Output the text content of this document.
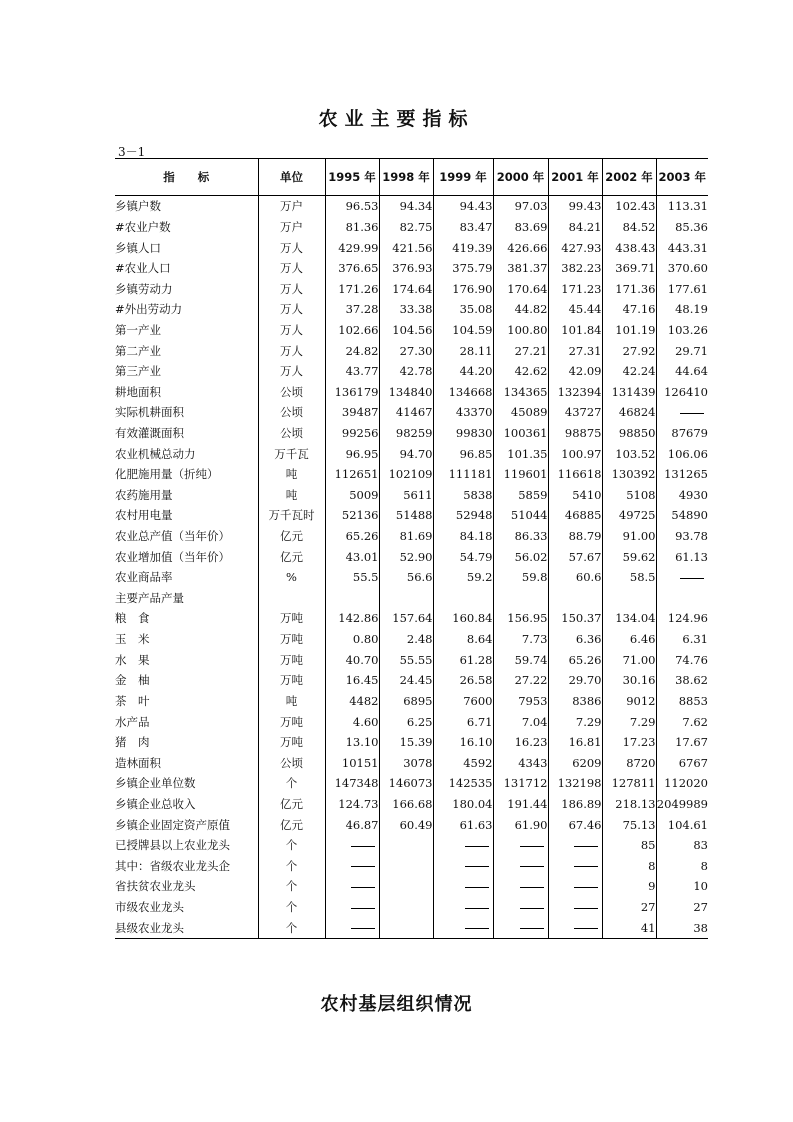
农业主要指标
3－1
指　　标	单位	1995 年	1998 年	1999 年	2000 年	2001 年	2002 年	2003 年
乡镇户数	万户	96.53	94.34	94.43	97.03	99.43	102.43	113.31
#农业户数	万户	81.36	82.75	83.47	83.69	84.21	84.52	85.36
乡镇人口	万人	429.99	421.56	419.39	426.66	427.93	438.43	443.31
#农业人口	万人	376.65	376.93	375.79	381.37	382.23	369.71	370.60
乡镇劳动力	万人	171.26	174.64	176.90	170.64	171.23	171.36	177.61
#外出劳动力	万人	37.28	33.38	35.08	44.82	45.44	47.16	48.19
第一产业	万人	102.66	104.56	104.59	100.80	101.84	101.19	103.26
第二产业	万人	24.82	27.30	28.11	27.21	27.31	27.92	29.71
第三产业	万人	43.77	42.78	44.20	42.62	42.09	42.24	44.64
耕地面积	公顷	136179	134840	134668	134365	132394	131439	126410
实际机耕面积	公顷	39487	41467	43370	45089	43727	46824	
有效灌溉面积	公顷	99256	98259	99830	100361	98875	98850	87679
农业机械总动力	万千瓦	96.95	94.70	96.85	101.35	100.97	103.52	106.06
化肥施用量（折纯）	吨	112651	102109	111181	119601	116618	130392	131265
农药施用量	吨	5009	5611	5838	5859	5410	5108	4930
农村用电量	万千瓦时	52136	51488	52948	51044	46885	49725	54890
农业总产值（当年价）	亿元	65.26	81.69	84.18	86.33	88.79	91.00	93.78
农业增加值（当年价）	亿元	43.01	52.90	54.79	56.02	57.67	59.62	61.13
农业商品率	%	55.5	56.6	59.2	59.8	60.6	58.5	
主要产品产量								
粮　食	万吨	142.86	157.64	160.84	156.95	150.37	134.04	124.96
玉　米	万吨	0.80	2.48	8.64	7.73	6.36	6.46	6.31
水　果	万吨	40.70	55.55	61.28	59.74	65.26	71.00	74.76
金　柚	万吨	16.45	24.45	26.58	27.22	29.70	30.16	38.62
茶　叶	吨	4482	6895	7600	7953	8386	9012	8853
水产品	万吨	4.60	6.25	6.71	7.04	7.29	7.29	7.62
猪　肉	万吨	13.10	15.39	16.10	16.23	16.81	17.23	17.67
造林面积	公顷	10151	3078	4592	4343	6209	8720	6767
乡镇企业单位数	个	147348	146073	142535	131712	132198	127811	112020
乡镇企业总收入	亿元	124.73	166.68	180.04	191.44	186.89	218.13	2049989
乡镇企业固定资产原值	亿元	46.87	60.49	61.63	61.90	67.46	75.13	104.61
已授牌县以上农业龙头	个						85	83
其中：省级农业龙头企	个						8	8
省扶贫农业龙头	个						9	10
市级农业龙头	个						27	27
县级农业龙头	个						41	38
农村基层组织情况
